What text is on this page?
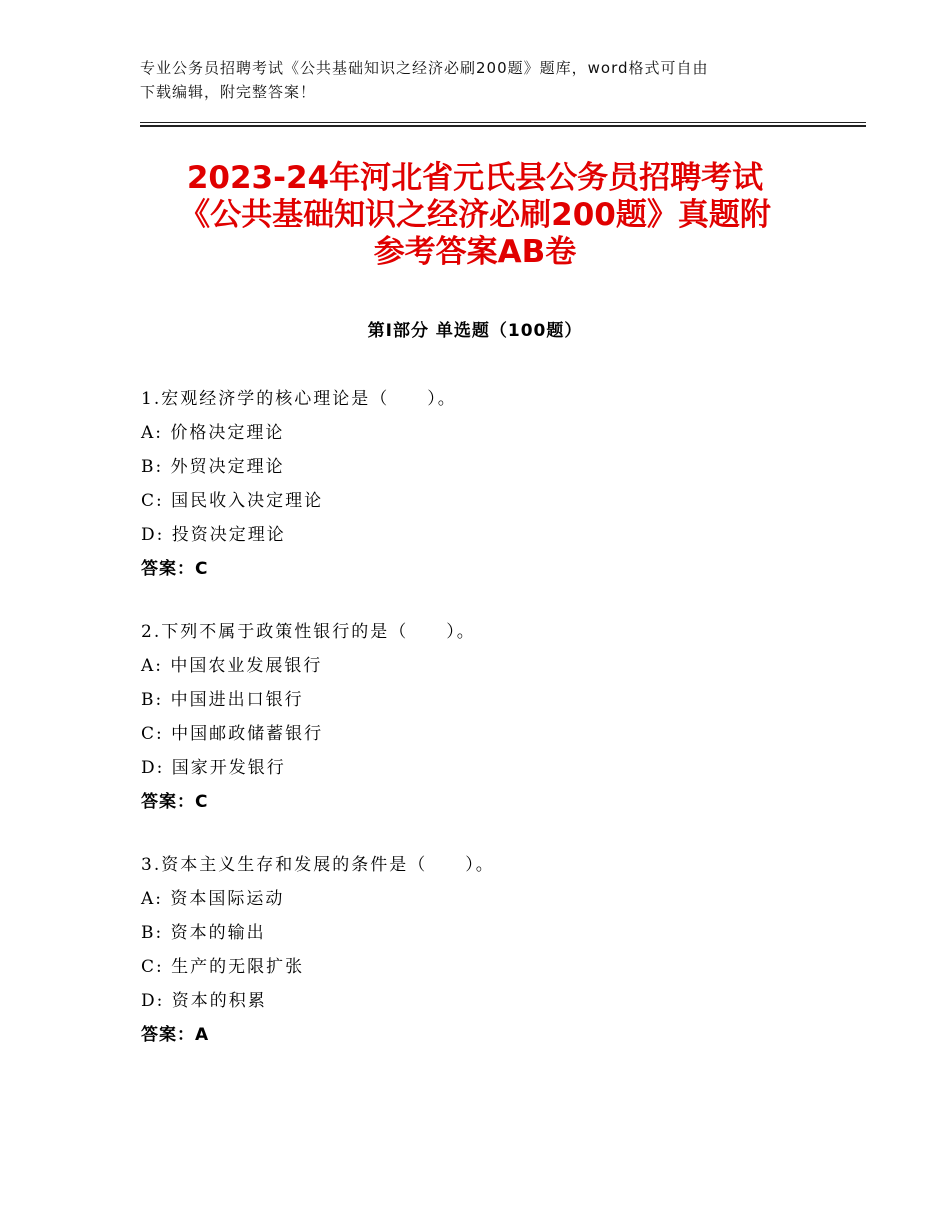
专业公务员招聘考试《公共基础知识之经济必刷200题》题库，word格式可自由
下载编辑，附完整答案！
2023-24年河北省元氏县公务员招聘考试
《公共基础知识之经济必刷200题》真题附
参考答案AB卷
第Ⅰ部分 单选题（100题）
1.宏观经济学的核心理论是（　　）。
A: 价格决定理论
B: 外贸决定理论
C: 国民收入决定理论
D: 投资决定理论
答案：C
2.下列不属于政策性银行的是（　　）。
A: 中国农业发展银行
B: 中国进出口银行
C: 中国邮政储蓄银行
D: 国家开发银行
答案：C
3.资本主义生存和发展的条件是（　　）。
A: 资本国际运动
B: 资本的输出
C: 生产的无限扩张
D: 资本的积累
答案：A
